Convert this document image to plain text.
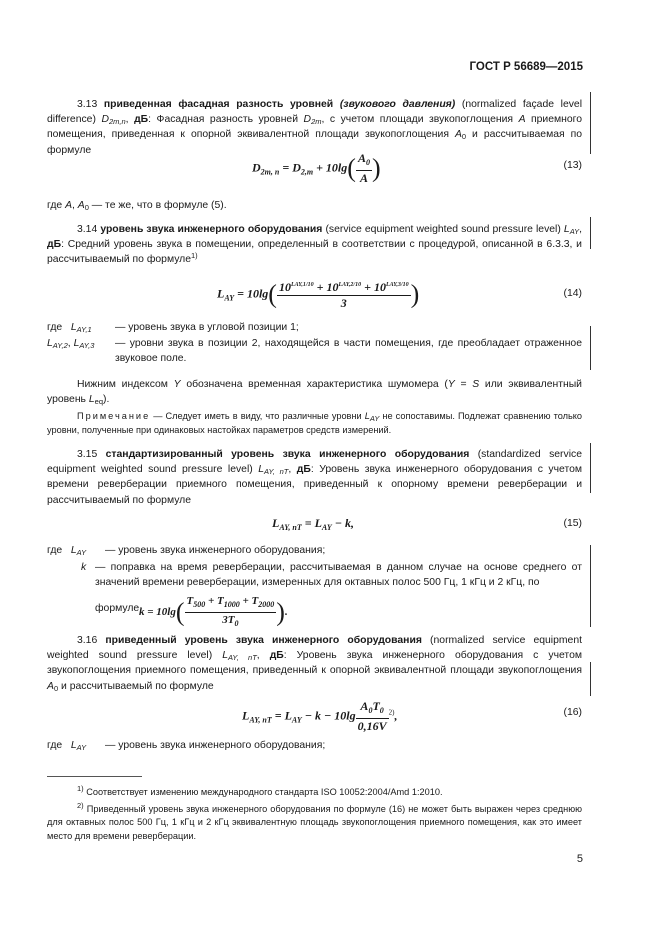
ГОСТ Р 56689—2015
3.13 приведенная фасадная разность уровней (звукового давления) (normalized façade level difference) $D_{2m,n}$, дБ: Фасадная разность уровней $D_{2m}$, с учетом площади звукопоглощения A приемного помещения, приведенная к опорной эквивалентной площади звукопоглощения $A_0$ и рассчитываемая по формуле
$D_{2m, n} = D_{2,m} + 10\lg( \frac{A_0}{A}$ )	(13)
где A, $A_0$ — те же, что в формуле (5).
3.14 уровень звука инженерного оборудования (service equipment weighted sound pressure level) $L_{AY}$, дБ: Средний уровень звука в помещении, определенный в соответствии с процедурой, описанной в 6.3.3, и рассчитываемый по формуле$^{1)}$
$L_{AY} = 10\lg( \frac{10^{LAY,1/10} + 10^{LAY,2/10} + 10^{LAY,3/10}}{3}$ )	(14)
где $L_{AY,1}$ — уровень звука в угловой позиции 1;
$L_{AY,2}$, $L_{AY,3}$ — уровни звука в позиции 2, находящейся в части помещения, где преобладает отраженное звуковое поле.
Нижним индексом Y обозначена временная характеристика шумомера (Y = S или эквивалентный уровень $L_{eq}$).
Примечание — Следует иметь в виду, что различные уровни $L_{AY}$ не сопоставимы. Подлежат сравнению только уровни, полученные при одинаковых настойках параметров средств измерений.
3.15 стандартизированный уровень звука инженерного оборудования (standardized service equipment weighted sound pressure level) $L_{AY, nT}$, дБ: Уровень звука инженерного оборудования с учетом времени реверберации приемного помещения, приведенный к опорному времени реверберации и рассчитываемый по формуле
$L_{AY, nT} = L_{AY} - k$,	(15)
где $L_{AY}$ — уровень звука инженерного оборудования;
k — поправка на время реверберации, рассчитываемая в данном случае на основе среднего от значений времени реверберации, измеренных для октавных полос 500 Гц, 1 кГц и 2 кГц, по
формуле $k = 10\lg( \frac{T_{500} + T_{1000} + T_{2000}}{3T_0}$ ).
3.16 приведенный уровень звука инженерного оборудования (normalized service equipment weighted sound pressure level) $L_{AY, nT}$, дБ: Уровень звука инженерного оборудования с учетом звукопоглощения приемного помещения, приведенный к опорной эквивалентной площади звукопоглощения $A_0$ и рассчитываемый по формуле
$L_{AY, nT} = L_{AY} - k - 10\lg \frac{A_0T_0}{0,16V} ^{2)}$,	(16)
где $L_{AY}$ — уровень звука инженерного оборудования;
$^{1)}$ Соответствует изменению международного стандарта ISO 10052:2004/Amd 1:2010.
$^{2)}$ Приведенный уровень звука инженерного оборудования по формуле (16) не может быть выражен через среднюю для октавных полос 500 Гц, 1 кГц и 2 кГц эквивалентную площадь звукопоглощения приемного помещения, как это имеет место для времени реверберации.
5
